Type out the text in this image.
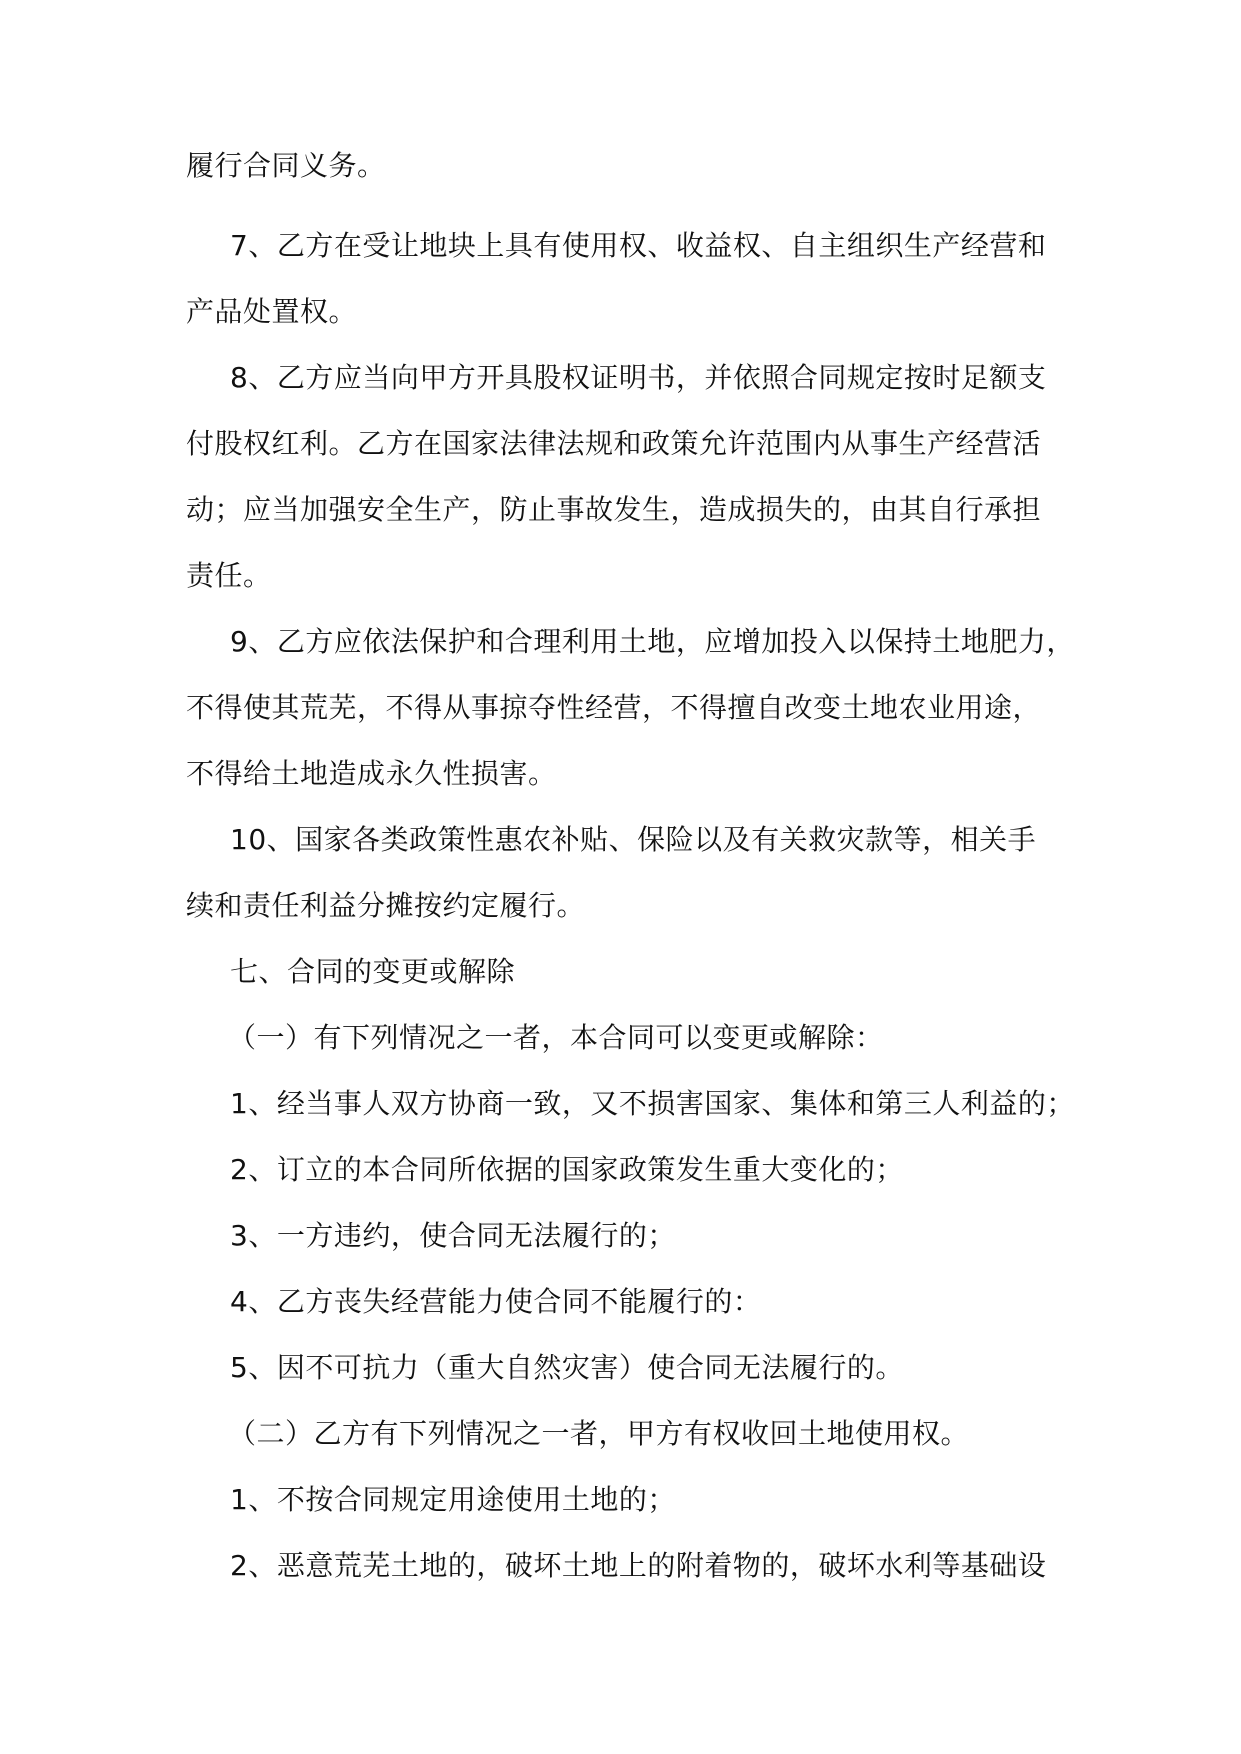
履行合同义务。
7、乙方在受让地块上具有使用权、收益权、自主组织生产经营和
产品处置权。
8、乙方应当向甲方开具股权证明书，并依照合同规定按时足额支
付股权红利。乙方在国家法律法规和政策允许范围内从事生产经营活
动；应当加强安全生产，防止事故发生，造成损失的，由其自行承担
责任。
9、乙方应依法保护和合理利用土地，应增加投入以保持土地肥力，
不得使其荒芜，不得从事掠夺性经营，不得擅自改变土地农业用途，
不得给土地造成永久性损害。
10、国家各类政策性惠农补贴、保险以及有关救灾款等，相关手
续和责任利益分摊按约定履行。
七、合同的变更或解除
（一）有下列情况之一者，本合同可以变更或解除：
1、经当事人双方协商一致，又不损害国家、集体和第三人利益的；
2、订立的本合同所依据的国家政策发生重大变化的；
3、一方违约，使合同无法履行的；
4、乙方丧失经营能力使合同不能履行的：
5、因不可抗力（重大自然灾害）使合同无法履行的。
（二）乙方有下列情况之一者，甲方有权收回土地使用权。
1、不按合同规定用途使用土地的；
2、恶意荒芜土地的，破坏土地上的附着物的，破坏水利等基础设
